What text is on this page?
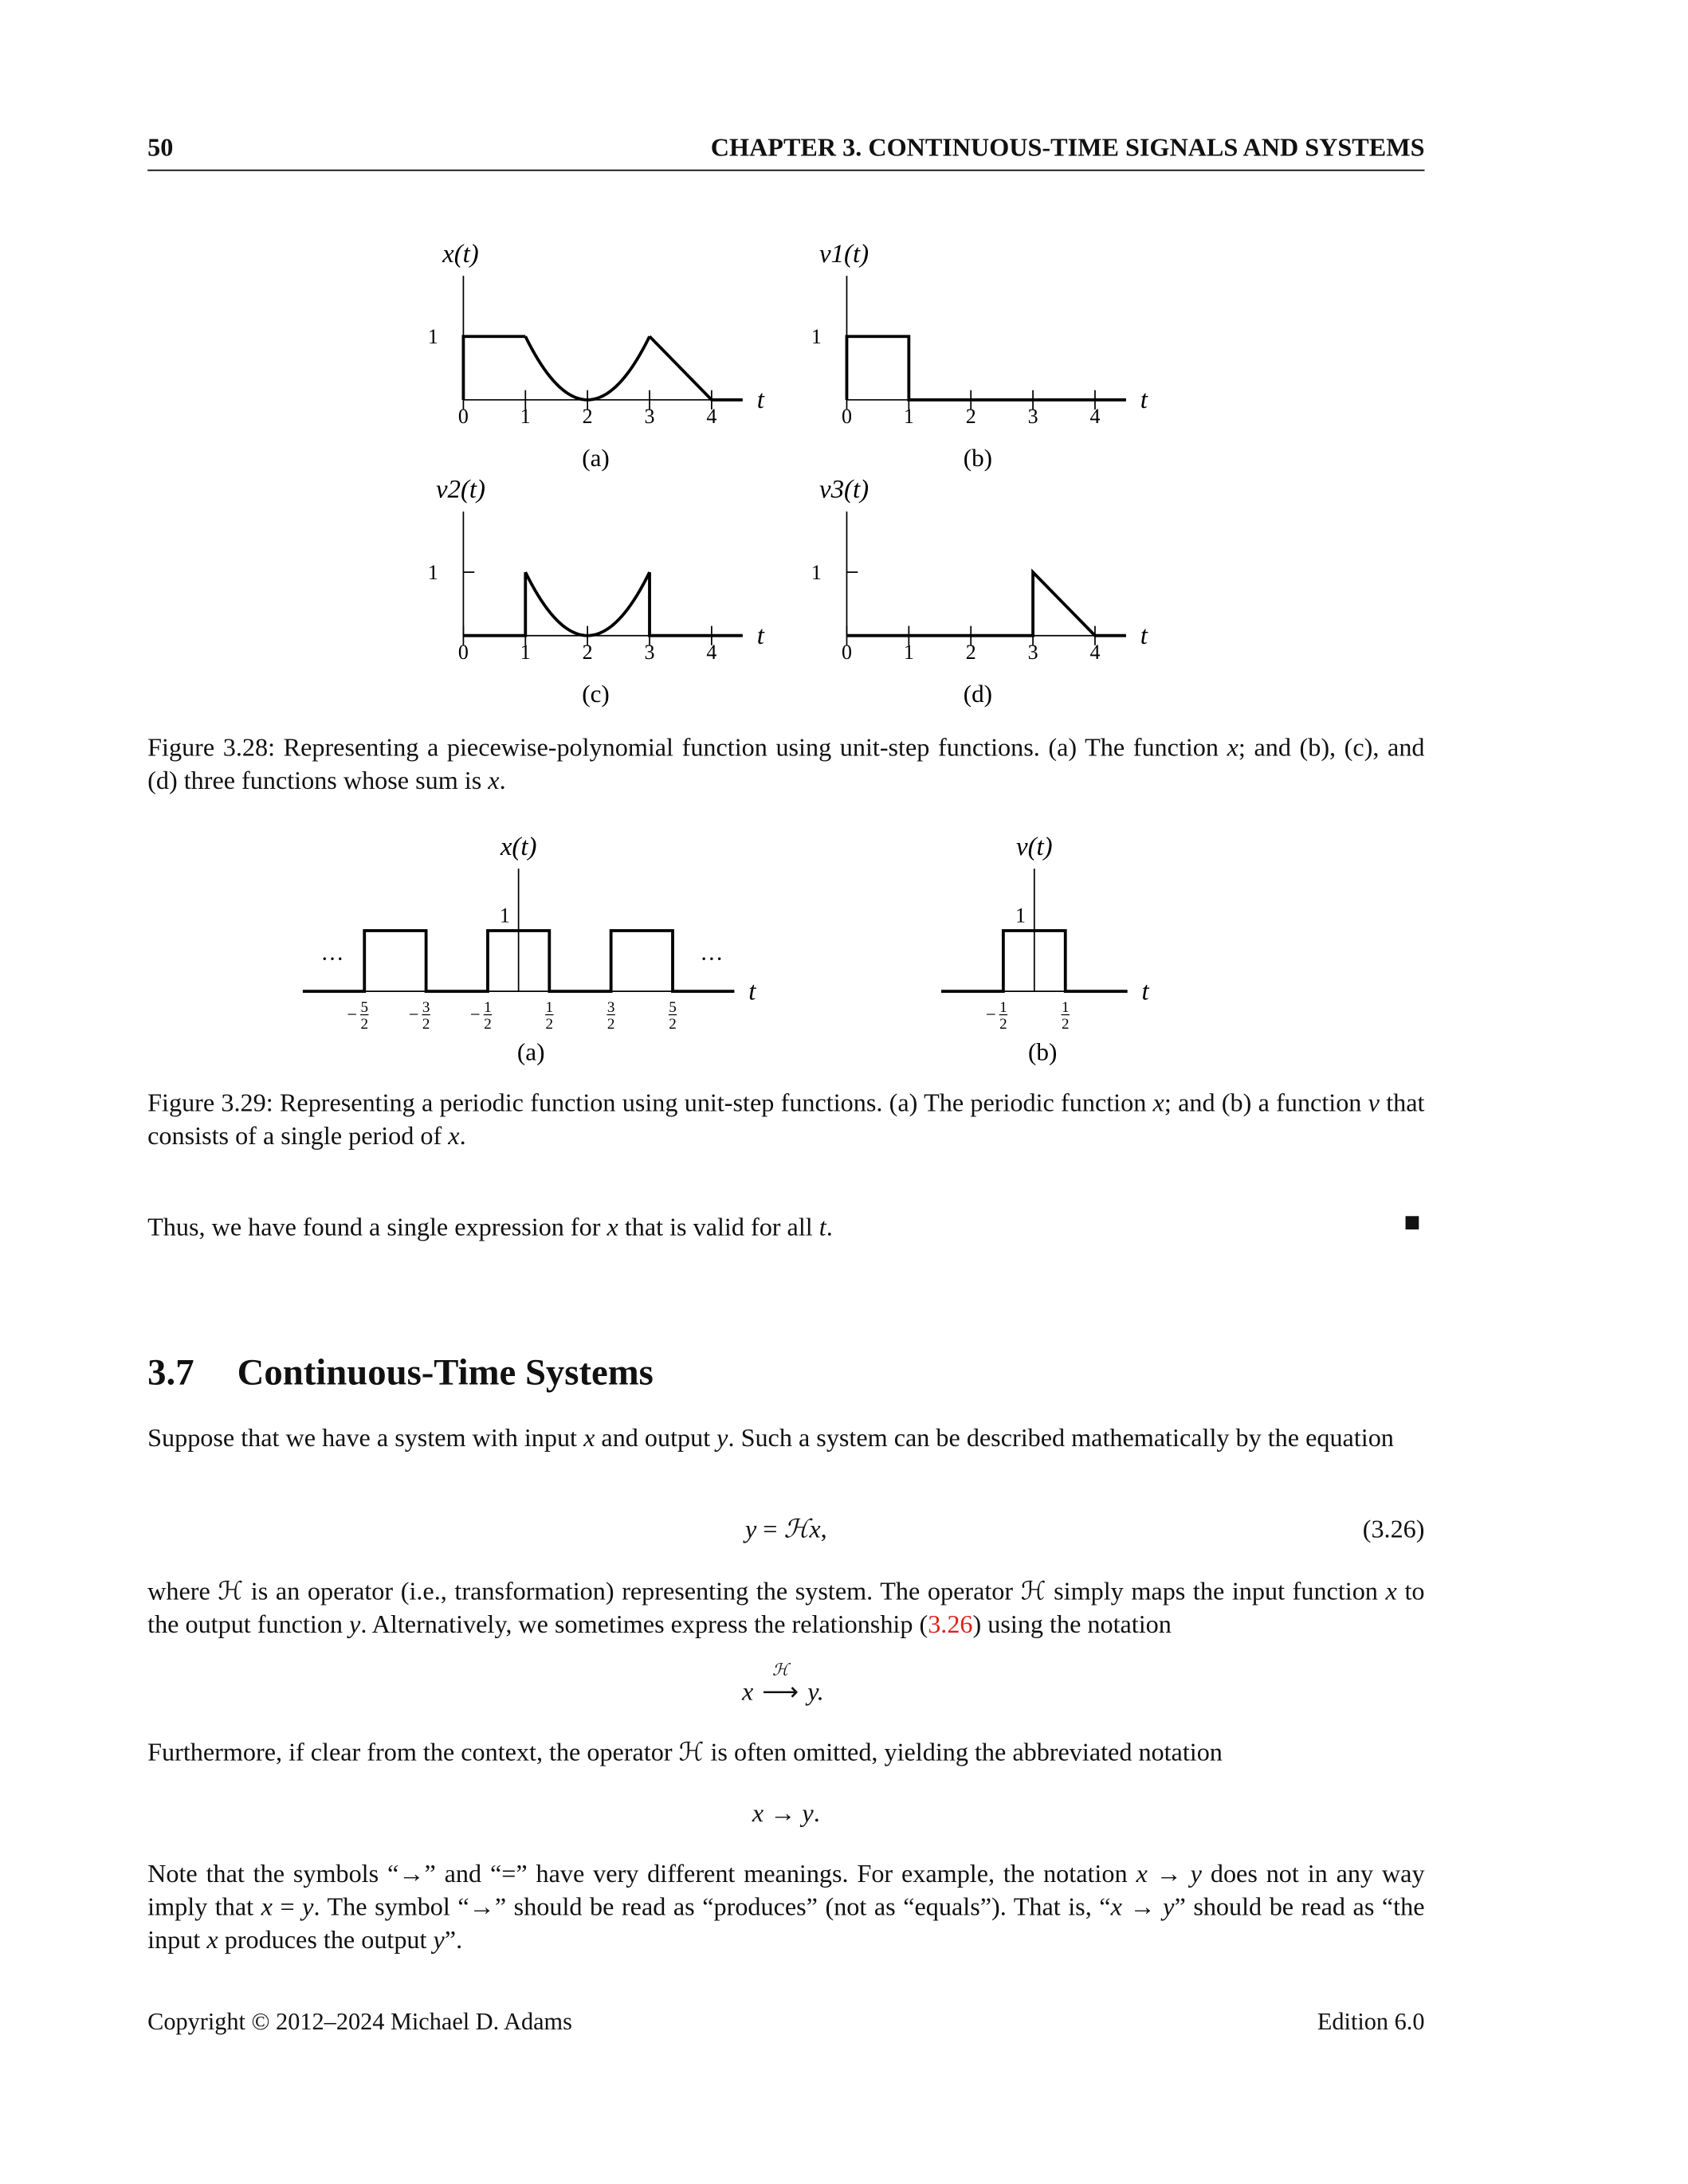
50	CHAPTER 3. CONTINUOUS-TIME SIGNALS AND SYSTEMS
x(t)
t
1
0	1	2	3	4
(a)
v1(t)
t
1
0	1	2	3	4
(b)
v2(t)
t
1
0	1	2	3	4
(c)
v3(t)
t
1
0	1	2	3	4
(d)
x(t)
t
1
5
2
−	3
2
−	1
2
−	1
2
3
2
5
2
···	···
(a)
v(t)
t
1
1
2
−	1
2
(b)
Figure 3.28: Representing a piecewise-polynomial function using unit-step functions. (a) The function x; and (b), (c), and (d) three functions whose sum is x.
Figure 3.29: Representing a periodic function using unit-step functions. (a) The periodic function x; and (b) a function v that consists of a single period of x.
Thus, we have found a single expression for x that is valid for all t.	■
3.7 Continuous-Time Systems
Suppose that we have a system with input x and output y. Such a system can be described mathematically by the equation
y = ℋx,	(3.26)
where ℋ is an operator (i.e., transformation) representing the system. The operator ℋ simply maps the input function x to the output function y. Alternatively, we sometimes express the relationship (3.26) using the notation
x
ℋ
⟶ y.
Furthermore, if clear from the context, the operator ℋ is often omitted, yielding the abbreviated notation
x → y.
Note that the symbols “→” and “=” have very different meanings. For example, the notation x → y does not in any way imply that x = y. The symbol “→” should be read as “produces” (not as “equals”). That is, “x → y” should be read as “the input x produces the output y”.
Copyright © 2012–2024 Michael D. Adams	Edition 6.0
